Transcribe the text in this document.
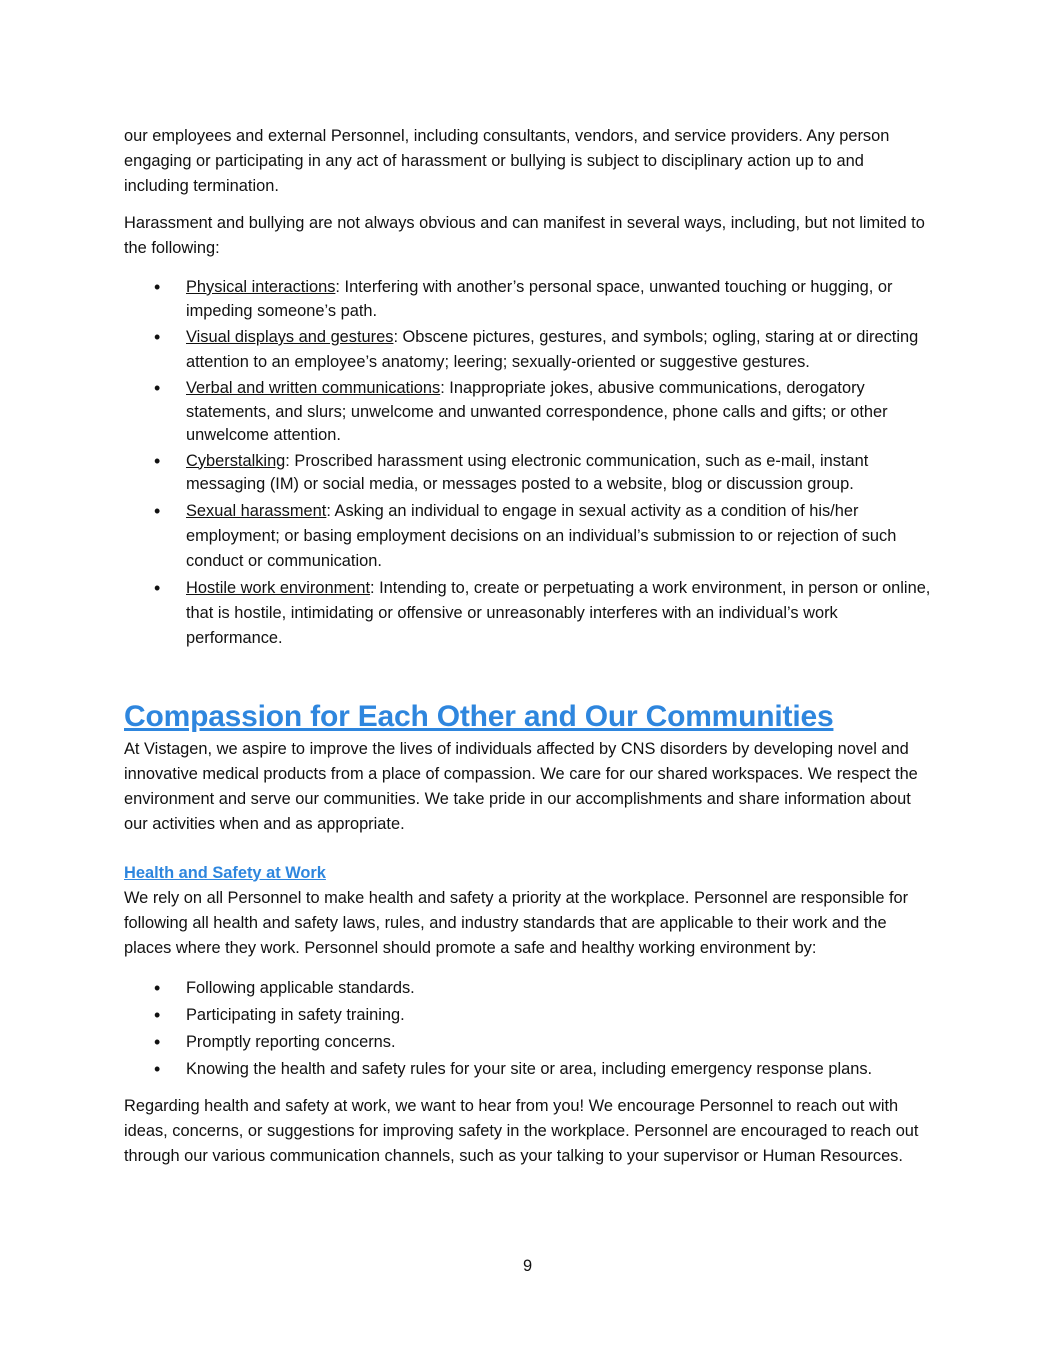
our employees and external Personnel, including consultants, vendors, and service providers. Any person engaging or participating in any act of harassment or bullying is subject to disciplinary action up to and including termination.

Harassment and bullying are not always obvious and can manifest in several ways, including, but not limited to the following:

• Physical interactions: Interfering with another’s personal space, unwanted touching or hugging, or impeding someone’s path.
• Visual displays and gestures: Obscene pictures, gestures, and symbols; ogling, staring at or directing attention to an employee’s anatomy; leering; sexually-oriented or suggestive gestures.
• Verbal and written communications: Inappropriate jokes, abusive communications, derogatory statements, and slurs; unwelcome and unwanted correspondence, phone calls and gifts; or other unwelcome attention.
• Cyberstalking: Proscribed harassment using electronic communication, such as e-mail, instant messaging (IM) or social media, or messages posted to a website, blog or discussion group.
• Sexual harassment: Asking an individual to engage in sexual activity as a condition of his/her employment; or basing employment decisions on an individual’s submission to or rejection of such conduct or communication.
• Hostile work environment: Intending to, create or perpetuating a work environment, in person or online, that is hostile, intimidating or offensive or unreasonably interferes with an individual’s work performance.
Compassion for Each Other and Our Communities

At Vistagen, we aspire to improve the lives of individuals affected by CNS disorders by developing novel and innovative medical products from a place of compassion. We care for our shared workspaces. We respect the environment and serve our communities. We take pride in our accomplishments and share information about our activities when and as appropriate.

Health and Safety at Work

We rely on all Personnel to make health and safety a priority at the workplace. Personnel are responsible for following all health and safety laws, rules, and industry standards that are applicable to their work and the places where they work. Personnel should promote a safe and healthy working environment by:

• Following applicable standards.
• Participating in safety training.
• Promptly reporting concerns.
• Knowing the health and safety rules for your site or area, including emergency response plans.

Regarding health and safety at work, we want to hear from you! We encourage Personnel to reach out with ideas, concerns, or suggestions for improving safety in the workplace. Personnel are encouraged to reach out through our various communication channels, such as your talking to your supervisor or Human Resources.

9
